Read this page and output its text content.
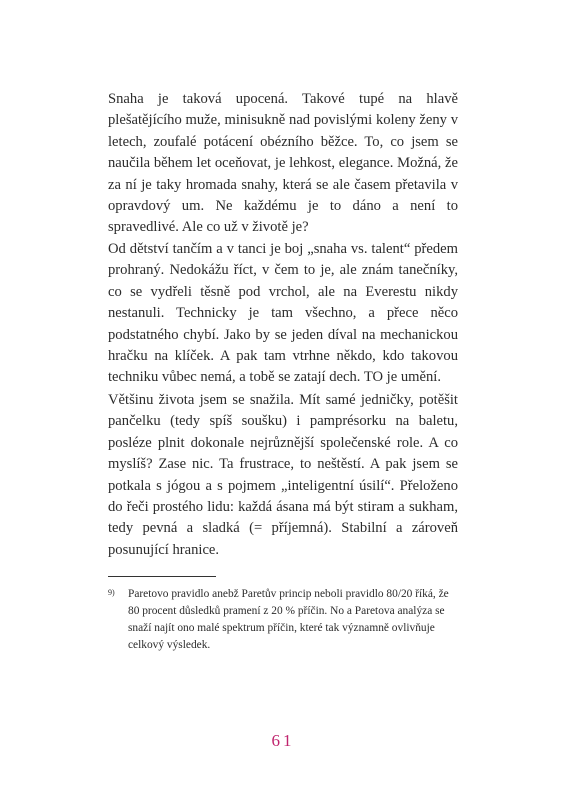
Snaha je taková upocená. Takové tupé na hlavě plešatějícího muže, minisukně nad povislými koleny ženy v letech, zoufalé potácení obézního běžce. To, co jsem se naučila během let oceňovat, je lehkost, elegance. Možná, že za ní je taky hromada snahy, která se ale časem přetavila v opravdový um. Ne každému je to dáno a není to spravedlivé. Ale co už v životě je?

Od dětství tančím a v tanci je boj „snaha vs. talent“ předem prohraný. Nedokážu říct, v čem to je, ale znám tanečníky, co se vydřeli těsně pod vrchol, ale na Everestu nikdy nestanuli. Technicky je tam všechno, a přece něco podstatného chybí. Jako by se jeden díval na mechanickou hračku na klíček. A pak tam vtrhne někdo, kdo takovou techniku vůbec nemá, a tobě se zatají dech. TO je umění.

Většinu života jsem se snažila. Mít samé jedničky, potěšit pančelku (tedy spíš soušku) i pamprésorku na baletu, posléze plnit dokonale nejrůznější společenské role. A co myslíš? Zase nic. Ta frustrace, to neštěstí. A pak jsem se potkala s jógou a s pojmem „inteligentní úsilí“. Přeloženo do řeči prostého lidu: každá ásana má být stiram a sukham, tedy pevná a sladká (= příjemná). Stabilní a zároveň posunující hranice.

9) Paretovo pravidlo anebž Paretův princip neboli pravidlo 80/20 říká, že 80 procent důsledků pramení z 20 % příčin. No a Paretova analýza se snaží najít ono malé spektrum příčin, které tak významně ovlivňuje celkový výsledek.

61
